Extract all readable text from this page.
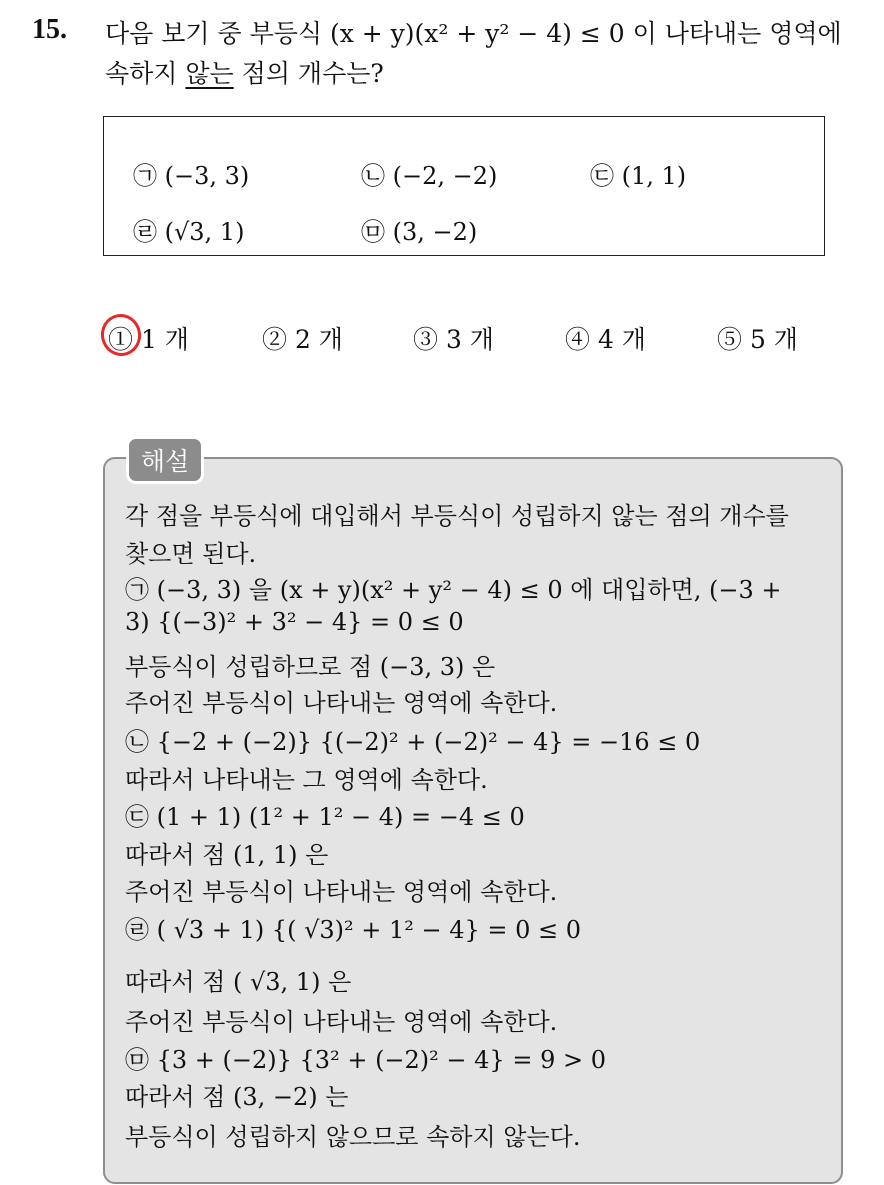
15. 다음 보기 중 부등식 (x + y)(x² + y² − 4) ≤ 0 이 나타내는 영역에
속하지 않는 점의 개수는?
㉠ (−3, 3)	㉡ (−2, −2)	㉢ (1, 1)
㉣ (√3, 1)	㉤ (3, −2)
① 1 개	② 2 개	③ 3 개	④ 4 개	⑤ 5 개
해설
각 점을 부등식에 대입해서 부등식이 성립하지 않는 점의 개수를
찾으면 된다.
㉠ (−3, 3) 을 (x + y)(x² + y² − 4) ≤ 0 에 대입하면, (−3 +
3) {(−3)² + 3² − 4} = 0 ≤ 0
부등식이 성립하므로 점 (−3, 3) 은
주어진 부등식이 나타내는 영역에 속한다.
㉡ {−2 + (−2)} {(−2)² + (−2)² − 4} = −16 ≤ 0
따라서 나타내는 그 영역에 속한다.
㉢ (1 + 1) (1² + 1² − 4) = −4 ≤ 0
따라서 점 (1, 1) 은
주어진 부등식이 나타내는 영역에 속한다.
㉣ ( √3 + 1) {( √3)² + 1² − 4} = 0 ≤ 0
따라서 점 ( √3, 1) 은
주어진 부등식이 나타내는 영역에 속한다.
㉤ {3 + (−2)} {3² + (−2)² − 4} = 9 > 0
따라서 점 (3, −2) 는
부등식이 성립하지 않으므로 속하지 않는다.
